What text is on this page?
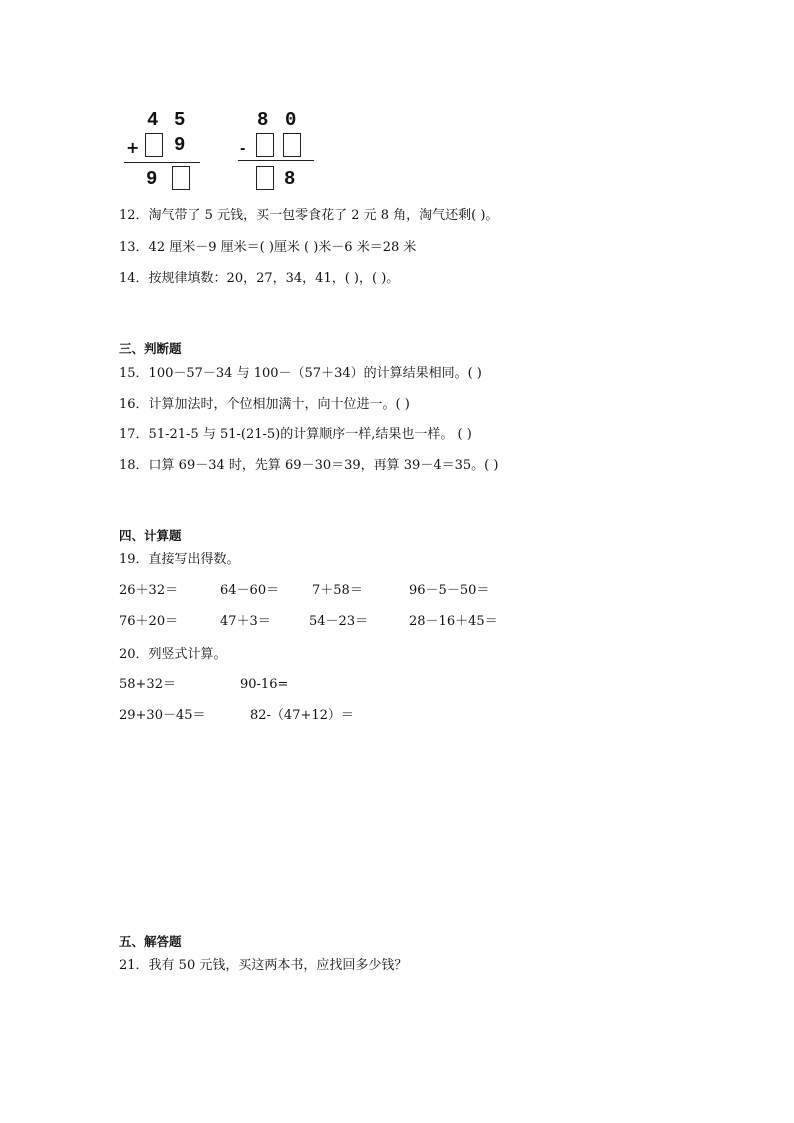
4 5
+ 9
9
8 0
-
8
12．淘气带了 5 元钱，买一包零食花了 2 元 8 角，淘气还剩( )。
13．42 厘米－9 厘米＝( )厘米 ( )米－6 米＝28 米
14．按规律填数：20，27，34，41，( )，( )。
三、判断题
15．100－57－34 与 100－（57＋34）的计算结果相同。( )
16．计算加法时，个位相加满十，向十位进一。( )
17．51-21-5 与 51-(21-5)的计算顺序一样,结果也一样。 ( )
18．口算 69－34 时，先算 69－30＝39，再算 39－4＝35。( )
四、计算题
19．直接写出得数。
26＋32＝	64－60＝	7＋58＝	96－5－50＝
76＋20＝	47＋3＝	54－23＝	28－16＋45＝
20．列竖式计算。
58+32＝	90-16=
29+30－45＝	82-（47+12）＝
五、解答题
21．我有 50 元钱，买这两本书，应找回多少钱？
